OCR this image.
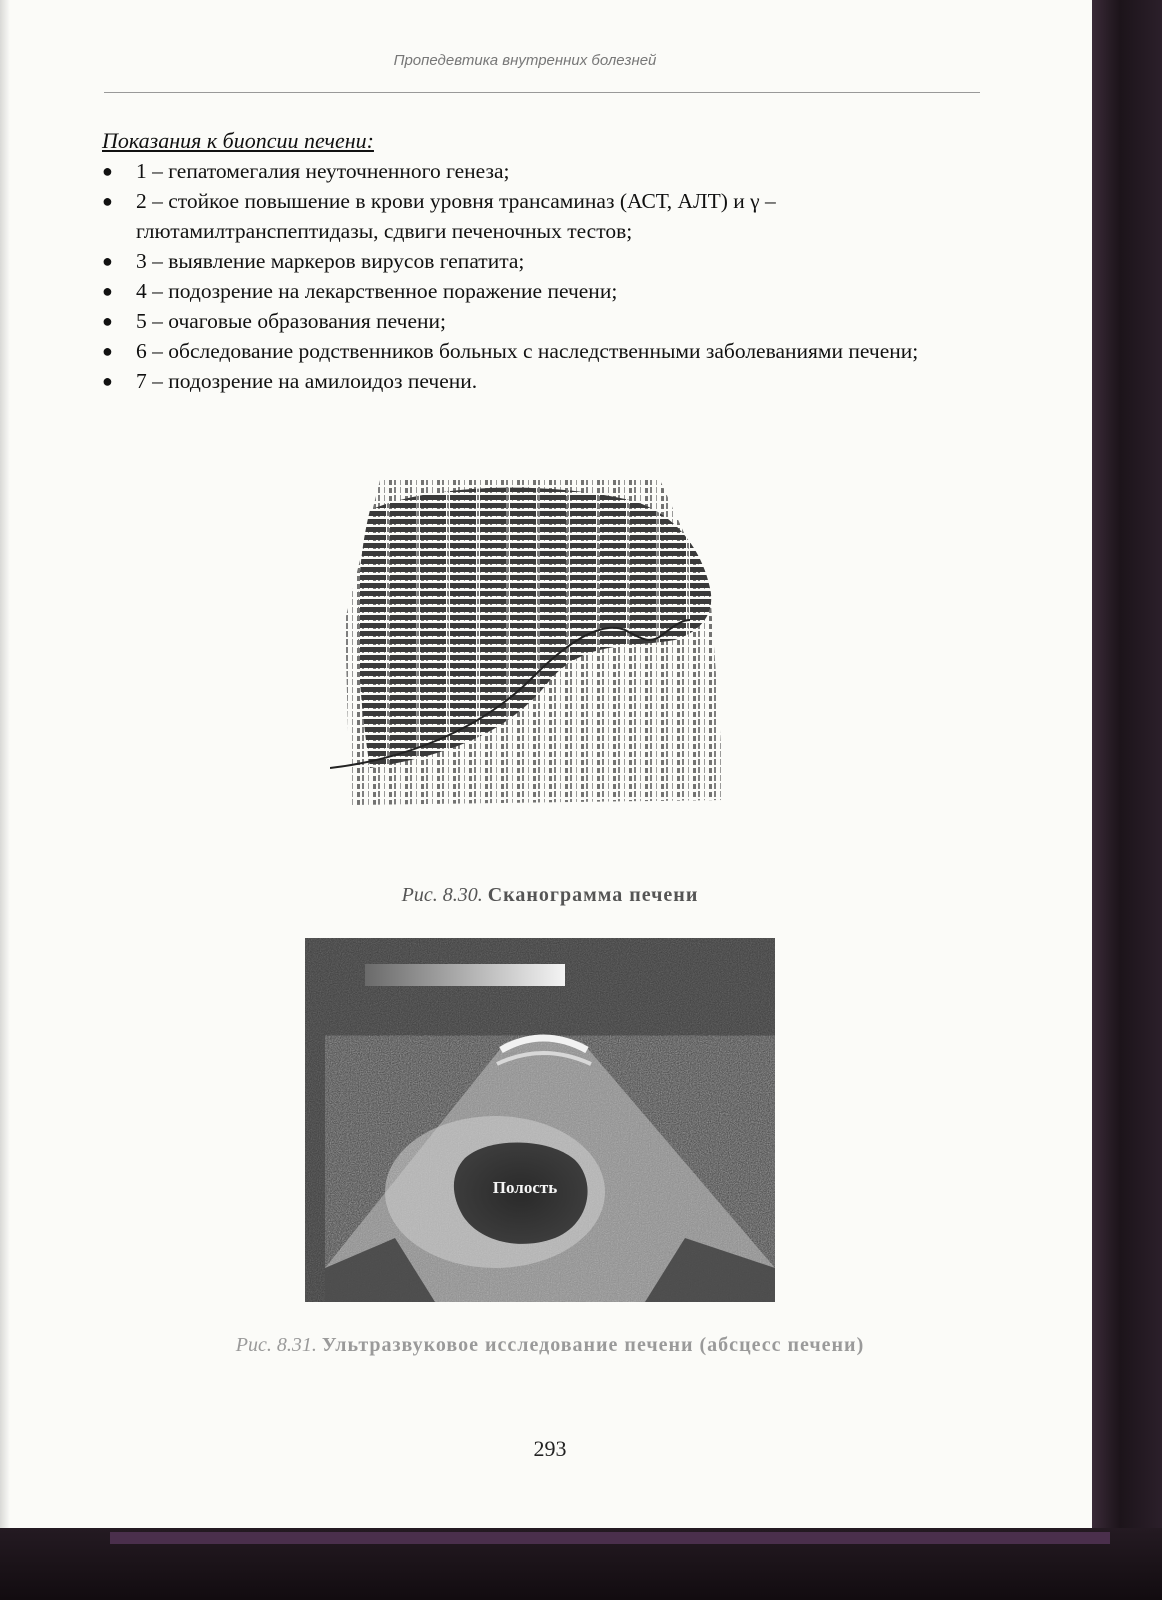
Пропедевтика внутренних болезней
Показания к биопсии печени:
●	1 – гепатомегалия неуточненного генеза;
●	2 – стойкое повышение в крови уровня трансаминаз (АСТ, АЛТ) и γ – глютамилтранспептидазы, сдвиги печеночных тестов;
●	3 – выявление маркеров вирусов гепатита;
●	4 – подозрение на лекарственное поражение печени;
●	5 – очаговые образования печени;
●	6 – обследование родственников больных с наследственными заболеваниями печени;
●	7 – подозрение на амилоидоз печени.
Рис. 8.30. Сканограмма печени
Полость
Рис. 8.31. Ультразвуковое исследование печени (абсцесс печени)
293
